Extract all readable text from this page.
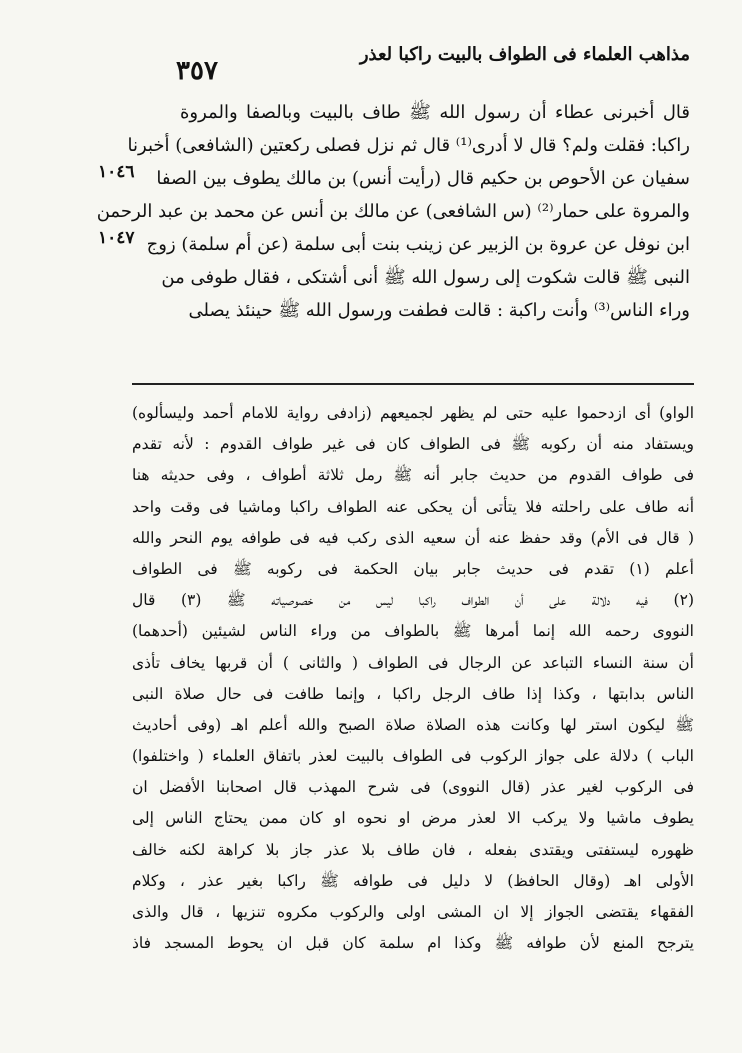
مذاهب العلماء فى الطواف بالبيت راكبا لعذر
٣٥٧
قال أخبرنى عطاء أن رسول الله ﷺ طاف بالبيت وبالصفا والمروة
راكبا: فقلت ولم؟ قال لا أدرى⁽¹⁾ قال ثم نزل فصلى ركعتين (الشافعى) أخبرنا
سفيان عن الأحوص بن حكيم قال (رأيت أنس) بن مالك يطوف بين الصفا
والمروة على حمار⁽²⁾ (س الشافعى) عن مالك بن أنس عن محمد بن عبد الرحمن
ابن نوفل عن عروة بن الزبير عن زينب بنت أبى سلمة (عن أم سلمة) زوج
النبى ﷺ قالت شكوت إلى رسول الله ﷺ أنى أشتكى ، فقال طوفى من
وراء الناس⁽³⁾ وأنت راكبة : قالت فطفت ورسول الله ﷺ حينئذ يصلى
١٠٤٦
١٠٤٧
الواو) أى ازدحموا عليه حتى لم يظهر لجميعهم (زادفى رواية للامام أحمد وليسألوه)
ويستفاد منه أن ركوبه ﷺ فى الطواف كان فى غير طواف القدوم : لأنه تقدم
فى طواف القدوم من حديث جابر أنه ﷺ رمل ثلاثة أطواف ، وفى حديثه هنا
أنه طاف على راحلته فلا يتأتى أن يحكى عنه الطواف راكبا وماشيا فى وقت واحد
( قال فى الأم) وقد حفظ عنه أن سعيه الذى ركب فيه فى طوافه يوم النحر والله
أعلم (١) تقدم فى حديث جابر بيان الحكمة فى ركوبه ﷺ فى الطواف
(٢) فيه دلالة على أن الطواف راكبا ليس من خصوصياته ﷺ (٣) قال
النووى رحمه الله إنما أمرها ﷺ بالطواف من وراء الناس لشيئين (أحدهما)
أن سنة النساء التباعد عن الرجال فى الطواف ( والثانى ) أن قربها يخاف تأذى
الناس بدابتها ، وكذا إذا طاف الرجل راكبا ، وإنما طافت فى حال صلاة النبى
ﷺ ليكون استر لها وكانت هذه الصلاة صلاة الصبح والله أعلم اهـ (وفى أحاديث
الباب ) دلالة على جواز الركوب فى الطواف بالبيت لعذر باتفاق العلماء ( واختلفوا)
فى الركوب لغير عذر (قال النووى) فى شرح المهذب قال اصحابنا الأفضل ان
يطوف ماشيا ولا يركب الا لعذر مرض او نحوه او كان ممن يحتاج الناس إلى
ظهوره ليستفتى ويقتدى بفعله ، فان طاف بلا عذر جاز بلا كراهة لكنه خالف
الأولى اهـ (وقال الحافظ) لا دليل فى طوافه ﷺ راكبا بغير عذر ، وكلام
الفقهاء يقتضى الجواز إلا ان المشى اولى والركوب مكروه تنزيها ، قال والذى
يترجح المنع لأن طوافه ﷺ وكذا ام سلمة كان قبل ان يحوط المسجد فاذ
